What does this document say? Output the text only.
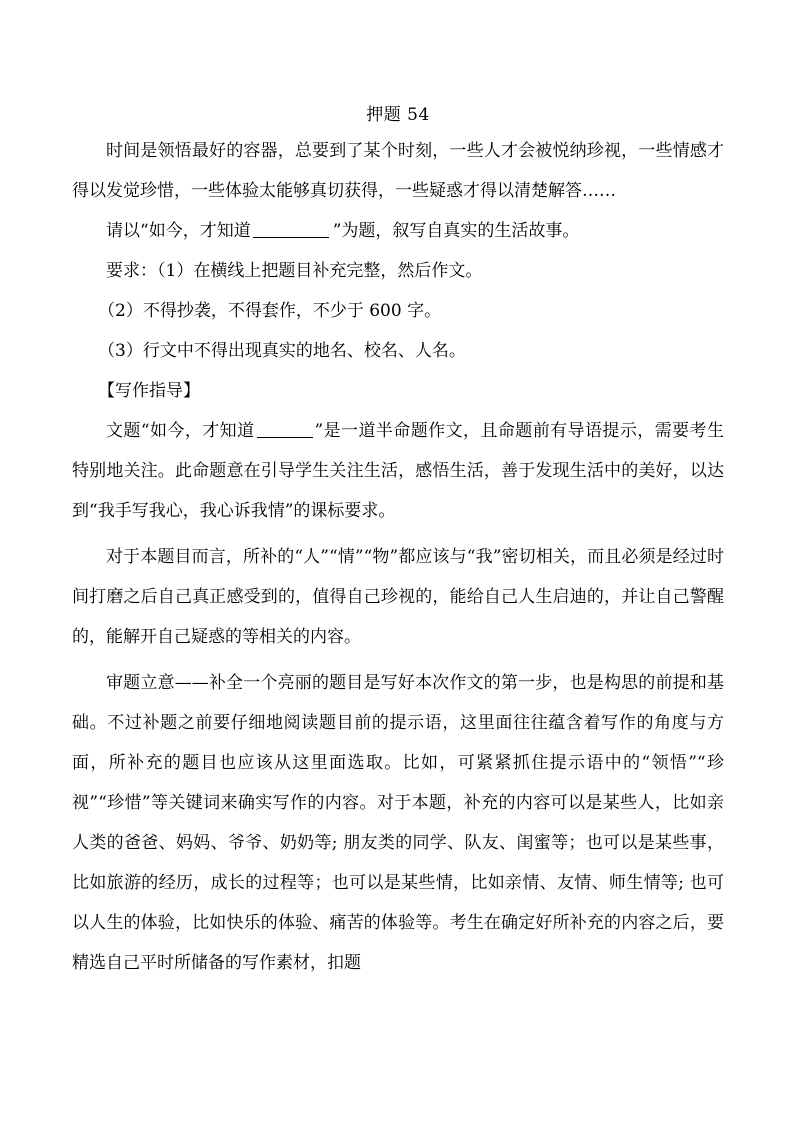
押题 54

时间是领悟最好的容器，总要到了某个时刻，一些人才会被悦纳珍视，一些情感才得以发觉珍惜，一些体验太能够真切获得，一些疑惑才得以清楚解答……

请以“如今，才知道	”为题，叙写自真实的生活故事。

要求：（1）在横线上把题目补充完整，然后作文。

（2）不得抄袭，不得套作，不少于 600 字。

（3）行文中不得出现真实的地名、校名、人名。

【写作指导】

文题“如今，才知道	”是一道半命题作文，且命题前有导语提示，需要考生特别地关注。此命题意在引导学生关注生活，感悟生活，善于发现生活中的美好，以达到“我手写我心，我心诉我情”的课标要求。

对于本题目而言，所补的“人”“情”“物”都应该与“我”密切相关，而且必须是经过时间打磨之后自己真正感受到的，值得自己珍视的，能给自己人生启迪的，并让自己警醒的，能解开自己疑惑的等相关的内容。

审题立意——补全一个亮丽的题目是写好本次作文的第一步，也是构思的前提和基础。不过补题之前要仔细地阅读题目前的提示语，这里面往往蕴含着写作的角度与方面，所补充的题目也应该从这里面选取。比如，可紧紧抓住提示语中的“领悟”“珍视”“珍惜”等关键词来确实写作的内容。对于本题，补充的内容可以是某些人，比如亲人类的爸爸、妈妈、爷爷、奶奶等; 朋友类的同学、队友、闺蜜等；也可以是某些事，比如旅游的经历，成长的过程等；也可以是某些情，比如亲情、友情、师生情等; 也可以人生的体验，比如快乐的体验、痛苦的体验等。考生在确定好所补充的内容之后，要精选自己平时所储备的写作素材，扣题
